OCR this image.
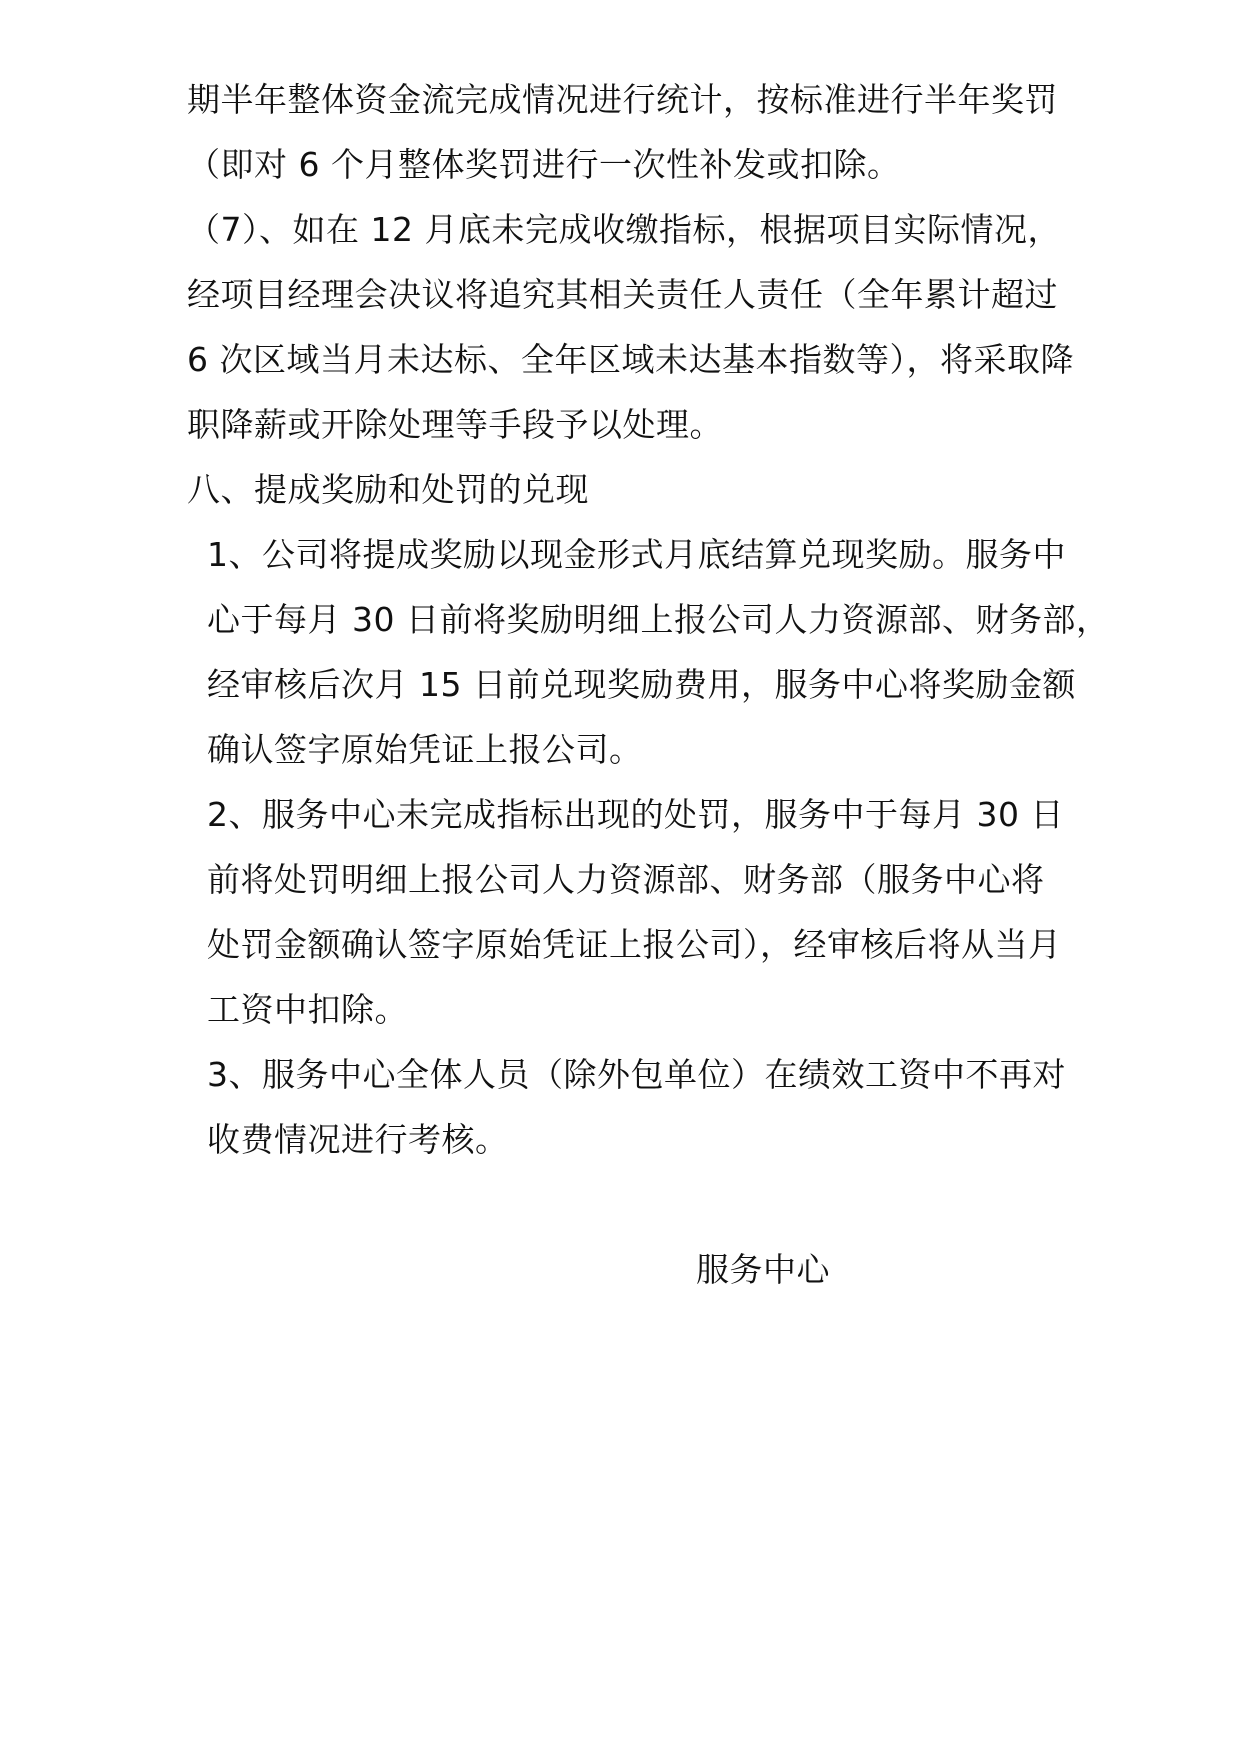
期半年整体资金流完成情况进行统计，按标准进行半年奖罚
（即对 6 个月整体奖罚进行一次性补发或扣除。
（7）、如在 12 月底未完成收缴指标，根据项目实际情况，
经项目经理会决议将追究其相关责任人责任（全年累计超过
6 次区域当月未达标、全年区域未达基本指数等），将采取降
职降薪或开除处理等手段予以处理。
八、提成奖励和处罚的兑现
1、公司将提成奖励以现金形式月底结算兑现奖励。服务中
心于每月 30 日前将奖励明细上报公司人力资源部、财务部，
经审核后次月 15 日前兑现奖励费用，服务中心将奖励金额
确认签字原始凭证上报公司。
2、服务中心未完成指标出现的处罚，服务中于每月 30 日
前将处罚明细上报公司人力资源部、财务部（服务中心将
处罚金额确认签字原始凭证上报公司），经审核后将从当月
工资中扣除。
3、服务中心全体人员（除外包单位）在绩效工资中不再对
收费情况进行考核。
服务中心
